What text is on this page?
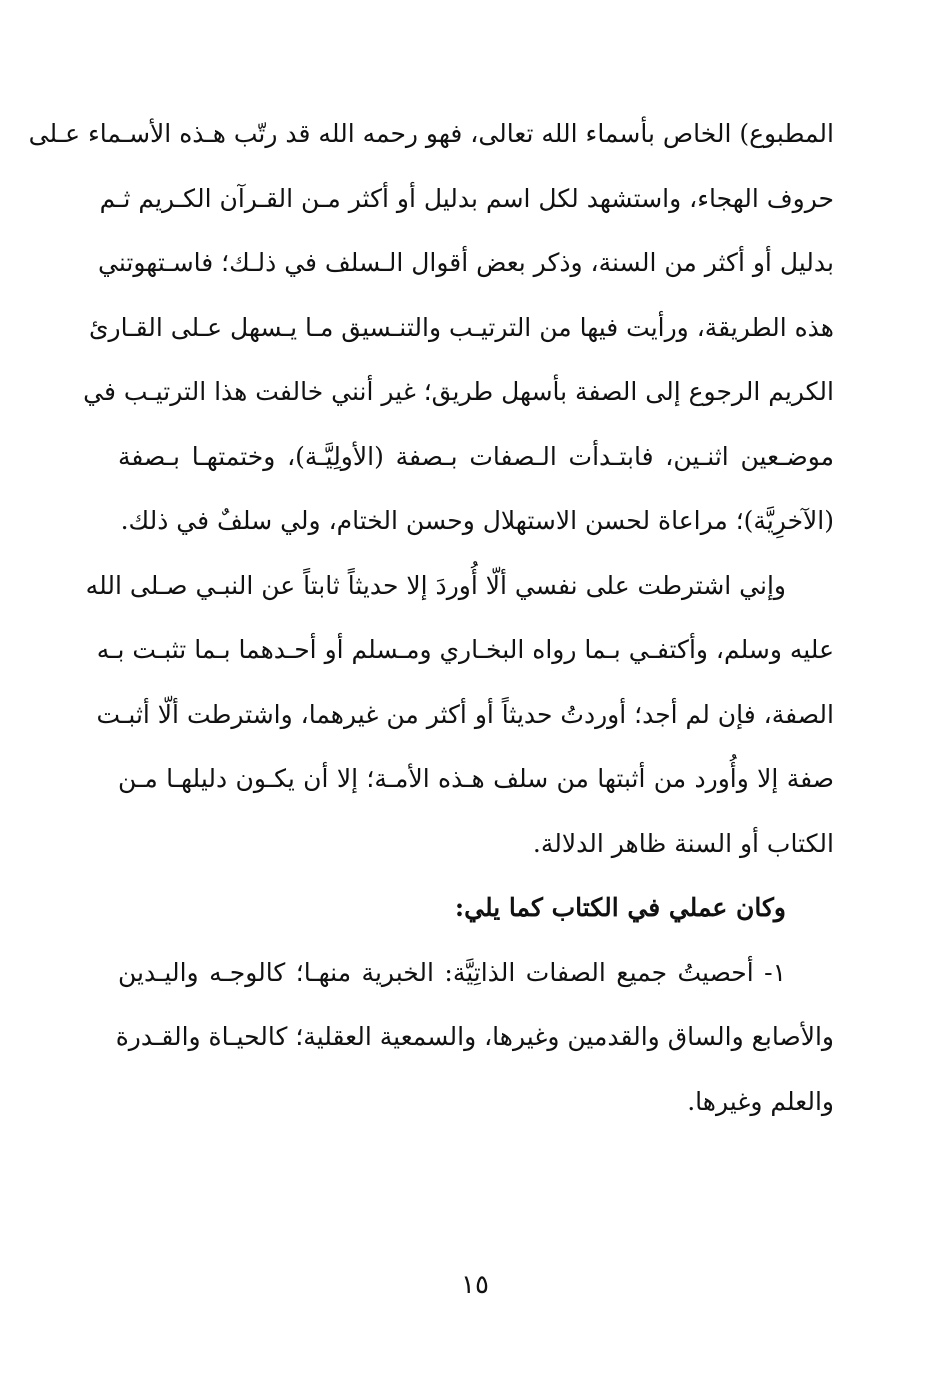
المطبوع) الخاص بأسماء الله تعالى، فهو رحمه الله قد رتّب هـذه الأسـماء عـلى
حروف الهجاء، واستشهد لكل اسم بدليل أو أكثر مـن القـرآن الكـريم ثـم
بدليل أو أكثر من السنة، وذكر بعض أقوال الـسلف في ذلـك؛ فاسـتهوتني
هذه الطريقة، ورأيت فيها من الترتيـب والتنـسيق مـا يـسهل عـلى القـارئ
الكريم الرجوع إلى الصفة بأسهل طريق؛ غير أنني خالفت هذا الترتيـب في
موضـعين اثنـين، فابتـدأت الـصفات بـصفة (الأولِيَّـة)، وختمتهـا بـصفة
(الآخرِيَّة)؛ مراعاة لحسن الاستهلال وحسن الختام، ولي سلفٌ في ذلك.
وإني اشترطت على نفسي ألّا أُوردَ إلا حديثاً ثابتاً عن النبـي صـلى الله
عليه وسلم، وأكتفـي بـما رواه البخـاري ومـسلم أو أحـدهما بـما تثبـت بـه
الصفة، فإن لم أجد؛ أوردتُ حديثاً أو أكثر من غيرهما، واشترطت ألّا أثبـت
صفة إلا وأُورد من أثبتها من سلف هـذه الأمـة؛ إلا أن يكـون دليلهـا مـن
الكتاب أو السنة ظاهر الدلالة.
وكان عملي في الكتاب كما يلي:
١- أحصيتُ جميع الصفات الذاتِيَّة: الخبرية منهـا؛ كالوجـه واليـدين
والأصابع والساق والقدمين وغيرها، والسمعية العقلية؛ كالحيـاة والقـدرة
والعلم وغيرها.
١٥
